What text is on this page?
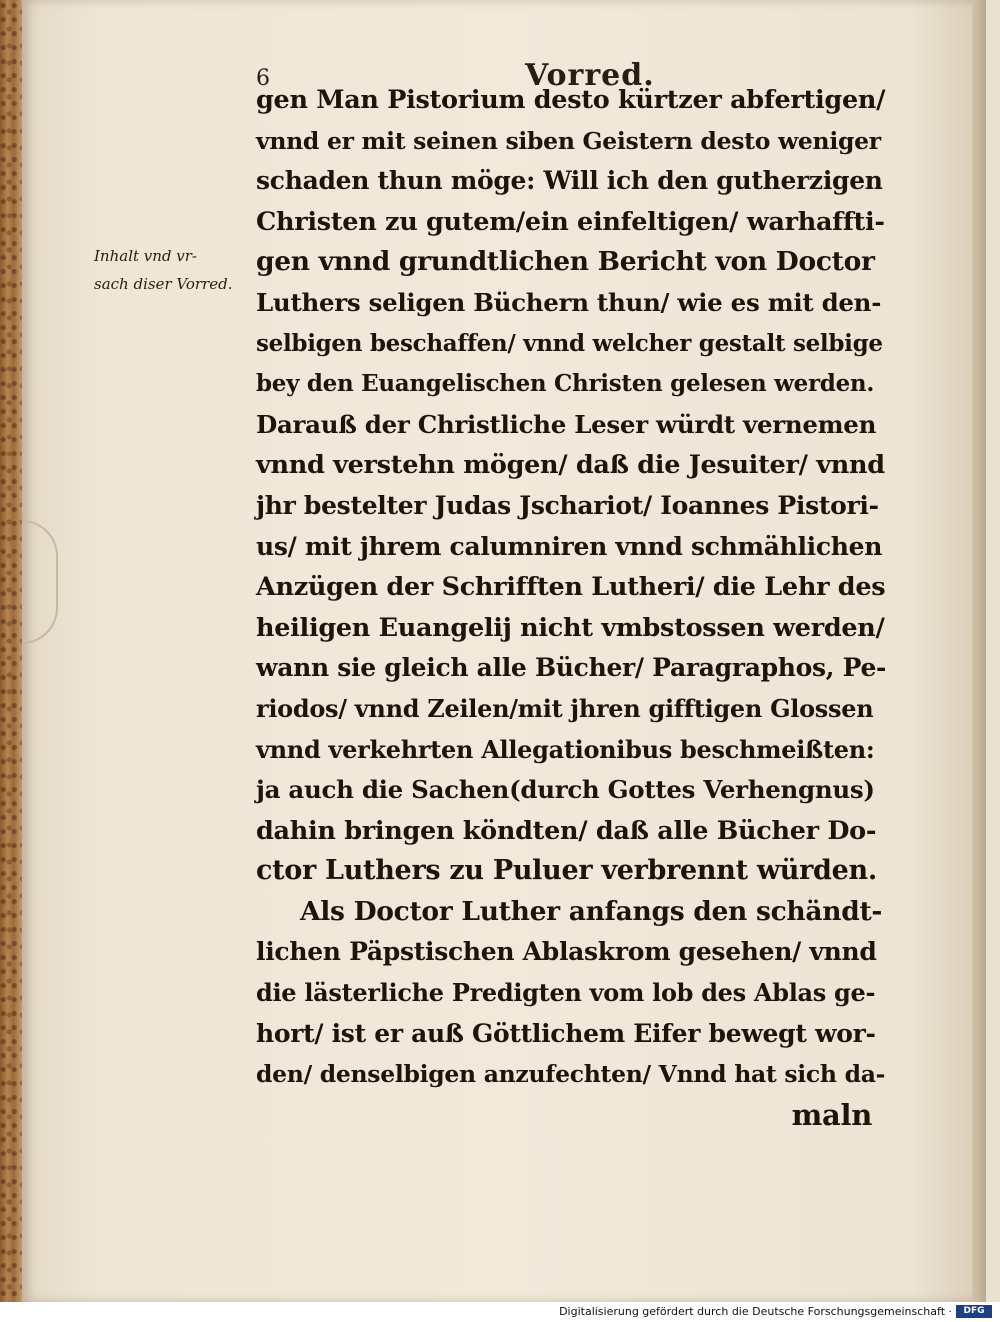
6	Vorred.
Inhalt vnd vr-
sach diser Vorred.
gen Man Pistorium desto kürtzer abfertigen/
vnnd er mit seinen siben Geistern desto weniger
schaden thun möge: Will ich den gutherzigen
Christen zu gutem/ein einfeltigen/ warhaffti-
gen vnnd grundtlichen Bericht von Doctor
Luthers seligen Büchern thun/ wie es mit den-
selbigen beschaffen/ vnnd welcher gestalt selbige
bey den Euangelischen Christen gelesen werden.
Darauß der Christliche Leser würdt vernemen
vnnd verstehn mögen/ daß die Jesuiter/ vnnd
jhr bestelter Judas Jschariot/ Ioannes Pistori-
us/ mit jhrem calumniren vnnd schmählichen
Anzügen der Schrifften Lutheri/ die Lehr des
heiligen Euangelij nicht vmbstossen werden/
wann sie gleich alle Bücher/ Paragraphos, Pe-
riodos/ vnnd Zeilen/mit jhren gifftigen Glossen
vnnd verkehrten Allegationibus beschmeißten:
ja auch die Sachen(durch Gottes Verhengnus)
dahin bringen köndten/ daß alle Bücher Do-
ctor Luthers zu Puluer verbrennt würden.
Als Doctor Luther anfangs den schändt-
lichen Päpstischen Ablaskrom gesehen/ vnnd
die lästerliche Predigten vom lob des Ablas ge-
hort/ ist er auß Göttlichem Eifer bewegt wor-
den/ denselbigen anzufechten/ Vnnd hat sich da-
maln
Digitalisierung gefördert durch die Deutsche Forschungsgemeinschaft ·	DFG
